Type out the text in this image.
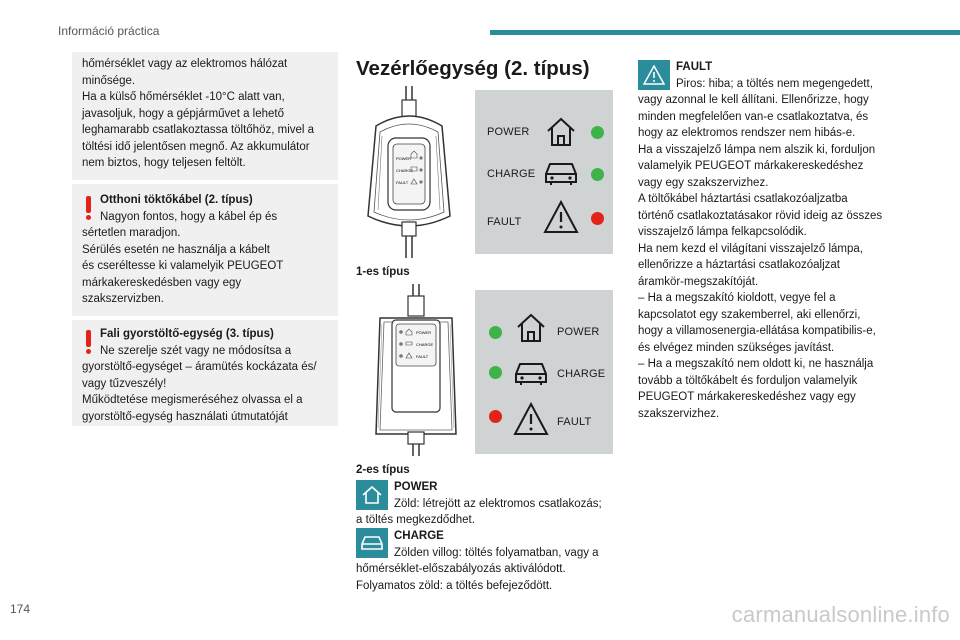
Információ práctica

hőmérséklet vagy az elektromos hálózat
minősége.
Ha a külső hőmérséklet -10°C alatt van,
javasoljuk, hogy a gépjárművet a lehető
leghamarabb csatlakoztassa töltőhöz, mivel a
töltési idő jelentősen megnő. Az akkumulátor
nem biztos, hogy teljesen feltölt.

Otthoni töktőkábel (2. típus)

Nagyon fontos, hogy a kábel ép és

sértetlen maradjon.
Sérülés esetén ne használja a kábelt
és cseréltesse ki valamelyik PEUGEOT
márkakereskedésben vagy egy
szakszervizben.

Fali gyorstöltő-egység (3. típus)

Ne szerelje szét vagy ne módosítsa a

gyorstöltő-egységet – áramütés kockázata és/
vagy tűzveszély!
Működtetése megismeréséhez olvassa el a
gyorstöltő-egység használati útmutatóját

Vezérlőegység (2. típus)
POWER
CHARGE
FAULT
POWER
CHARGE
FAULT
1-es típus
POWER
CHARGE
FAULT
POWER
CHARGE
FAULT
2-es típus
POWER
Zöld: létrejött az elektromos csatlakozás;
a töltés megkezdődhet.
CHARGE
Zölden villog: töltés folyamatban, vagy a
hőmérséklet-előszabályozás aktiválódott.
Folyamatos zöld: a töltés befejeződött.
FAULT
Piros: hiba; a töltés nem megengedett,

vagy azonnal le kell állítani. Ellenőrizze, hogy
minden megfelelően van-e csatlakoztatva, és
hogy az elektromos rendszer nem hibás-e.
Ha a visszajelző lámpa nem alszik ki, forduljon
valamelyik PEUGEOT márkakereskedéshez
vagy egy szakszervizhez.
A töltőkábel háztartási csatlakozóaljzatba
történő csatlakoztatásakor rövid ideig az összes
visszajelző lámpa felkapcsolódik.
Ha nem kezd el világítani visszajelző lámpa,
ellenőrizze a háztartási csatlakozóaljzat
áramkör-megszakítóját.
– Ha a megszakító kioldott, vegye fel a
kapcsolatot egy szakemberrel, aki ellenőrzi,
hogy a villamosenergia-ellátása kompatibilis-e,
és elvégez minden szükséges javítást.
– Ha a megszakító nem oldott ki, ne használja
tovább a töltőkábelt és forduljon valamelyik
PEUGEOT márkakereskedéshez vagy egy
szakszervizhez.

174	carmanualsonline.info
